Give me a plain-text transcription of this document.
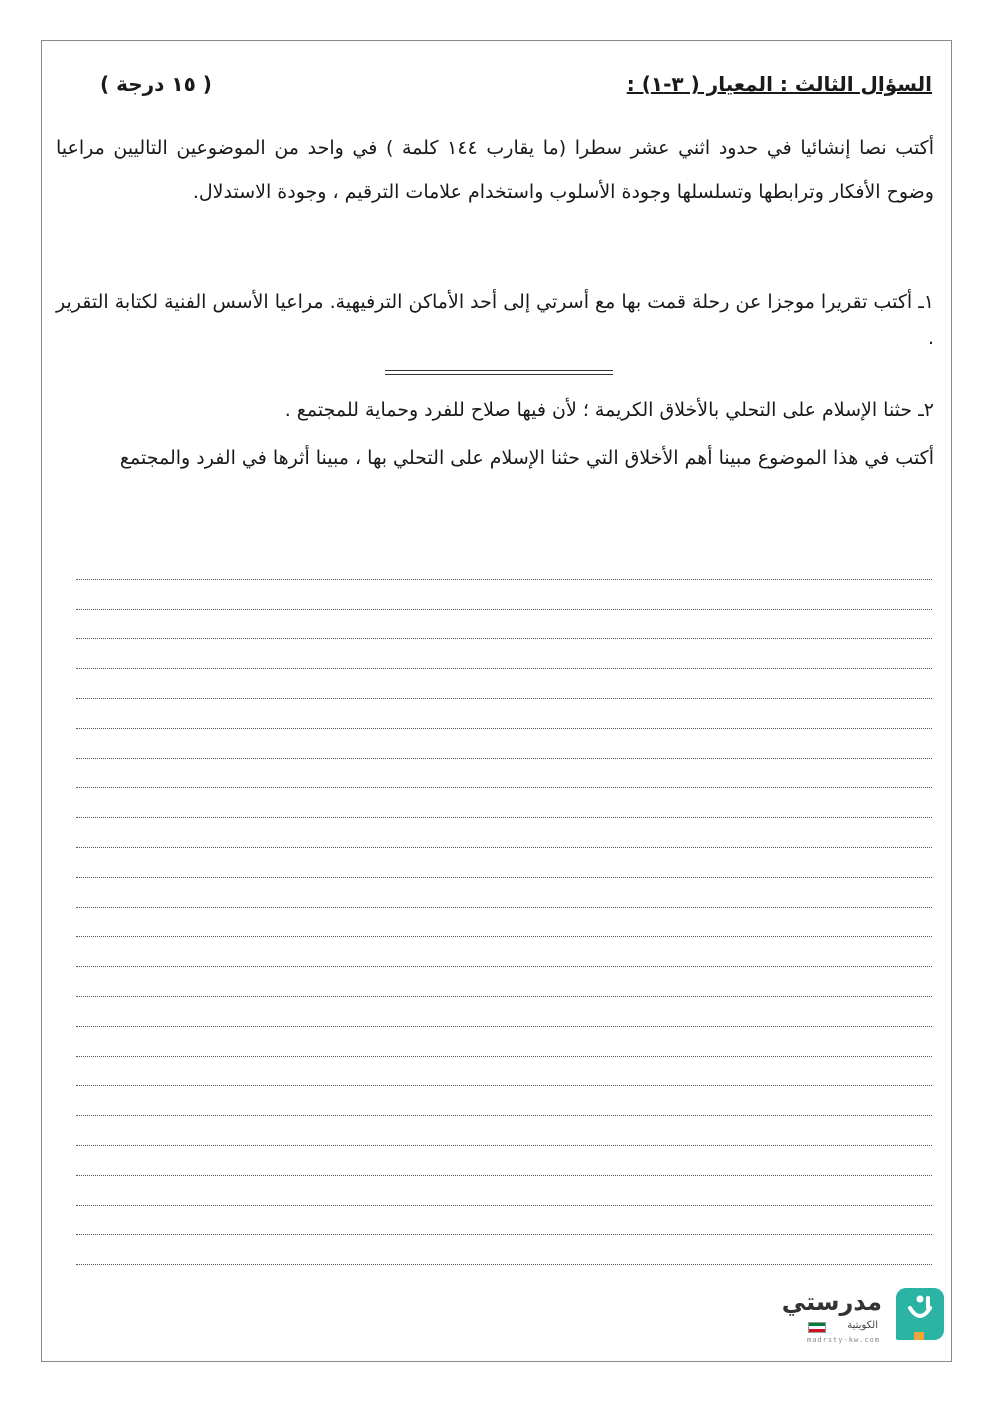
السؤال الثالث : المعيار ( ٣-١) :
( ١٥ درجة )
أكتب نصا إنشائيا في حدود اثني عشر سطرا (ما يقارب ١٤٤ كلمة ) في واحد من الموضوعين التاليين مراعيا وضوح الأفكار وترابطها وتسلسلها وجودة الأسلوب واستخدام علامات الترقيم ، وجودة الاستدلال.
١ـ أكتب تقريرا موجزا عن رحلة قمت بها مع أسرتي إلى أحد الأماكن الترفيهية. مراعيا الأسس الفنية لكتابة التقرير .
٢ـ حثنا الإسلام على التحلي بالأخلاق الكريمة ؛ لأن فيها صلاح للفرد وحماية للمجتمع .
أكتب في هذا الموضوع مبينا أهم الأخلاق التي حثنا الإسلام على التحلي بها ، مبينا أثرها في الفرد والمجتمع
مدرستي
الكويتية
madrsty-kw.com
